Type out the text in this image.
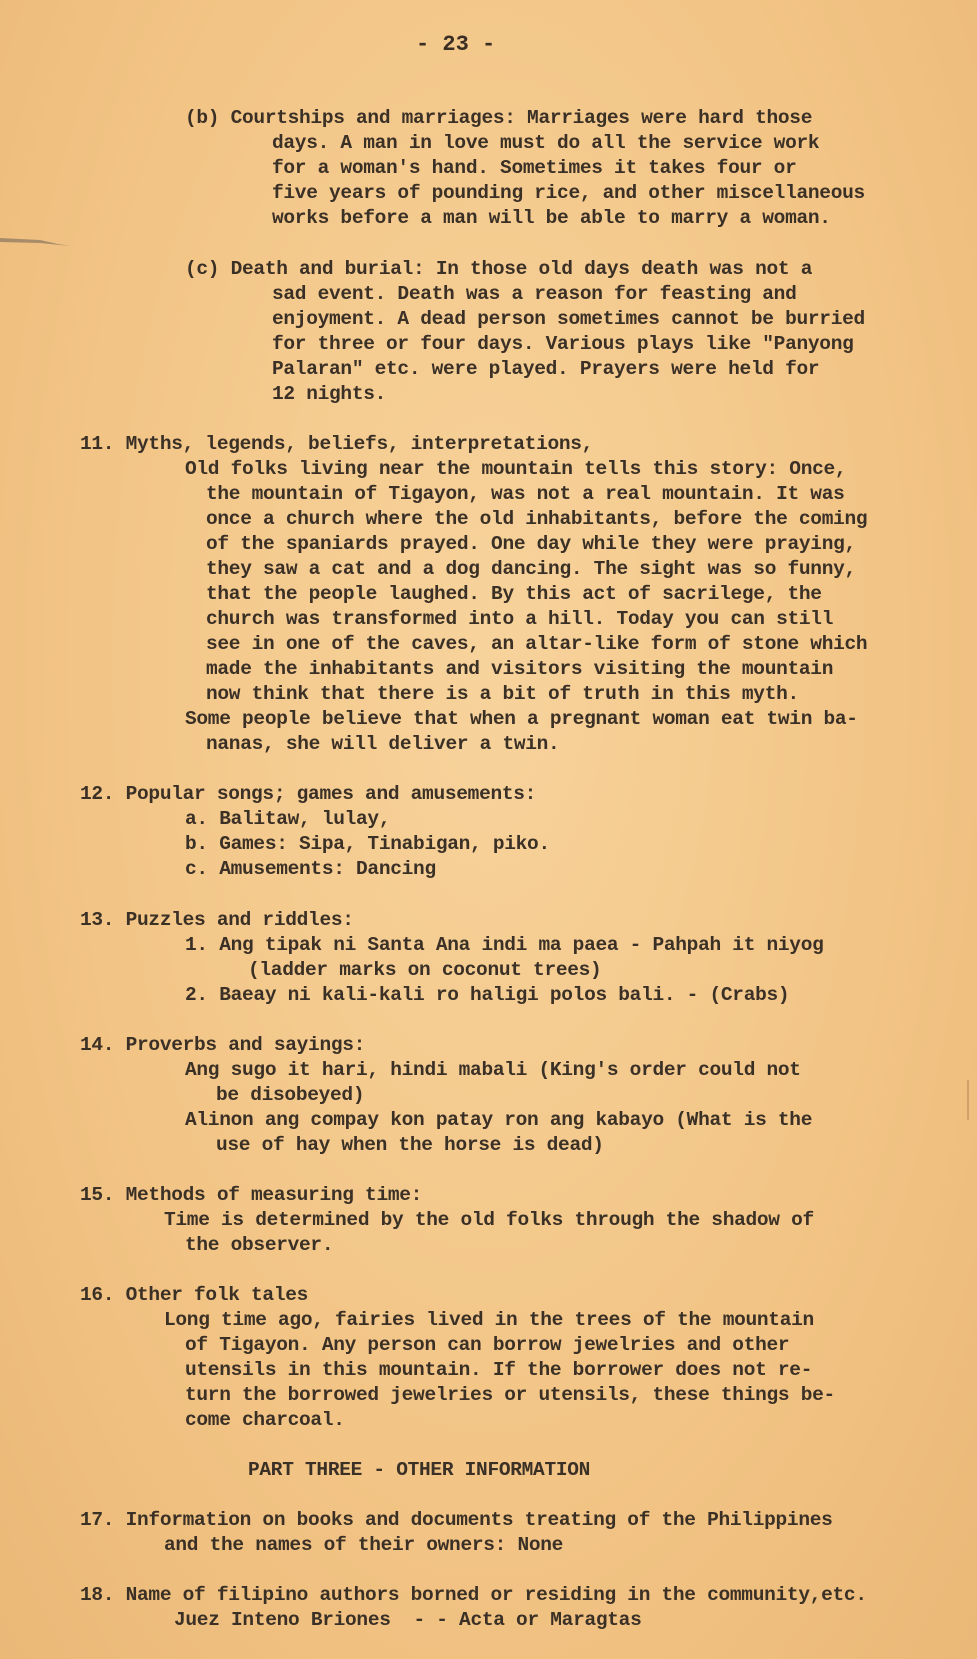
- 23 -
(b) Courtships and marriages: Marriages were hard those
days. A man in love must do all the service work
for a woman's hand. Sometimes it takes four or
five years of pounding rice, and other miscellaneous
works before a man will be able to marry a woman.
(c) Death and burial: In those old days death was not a
sad event. Death was a reason for feasting and
enjoyment. A dead person sometimes cannot be burried
for three or four days. Various plays like "Panyong
Palaran" etc. were played. Prayers were held for
12 nights.
11. Myths, legends, beliefs, interpretations,
Old folks living near the mountain tells this story: Once,
the mountain of Tigayon, was not a real mountain. It was
once a church where the old inhabitants, before the coming
of the spaniards prayed. One day while they were praying,
they saw a cat and a dog dancing. The sight was so funny,
that the people laughed. By this act of sacrilege, the
church was transformed into a hill. Today you can still
see in one of the caves, an altar-like form of stone which
made the inhabitants and visitors visiting the mountain
now think that there is a bit of truth in this myth.
Some people believe that when a pregnant woman eat twin ba-
nanas, she will deliver a twin.
12. Popular songs; games and amusements:
a. Balitaw, lulay,
b. Games: Sipa, Tinabigan, piko.
c. Amusements: Dancing
13. Puzzles and riddles:
1. Ang tipak ni Santa Ana indi ma paea - Pahpah it niyog
(ladder marks on coconut trees)
2. Baeay ni kali-kali ro haligi polos bali. - (Crabs)
14. Proverbs and sayings:
Ang sugo it hari, hindi mabali (King's order could not
be disobeyed)
Alinon ang compay kon patay ron ang kabayo (What is the
use of hay when the horse is dead)
15. Methods of measuring time:
Time is determined by the old folks through the shadow of
the observer.
16. Other folk tales
Long time ago, fairies lived in the trees of the mountain
of Tigayon. Any person can borrow jewelries and other
utensils in this mountain. If the borrower does not re-
turn the borrowed jewelries or utensils, these things be-
come charcoal.
PART THREE - OTHER INFORMATION
17. Information on books and documents treating of the Philippines
and the names of their owners: None
18. Name of filipino authors borned or residing in the community,etc.
Juez Inteno Briones  - - Acta or Maragtas
